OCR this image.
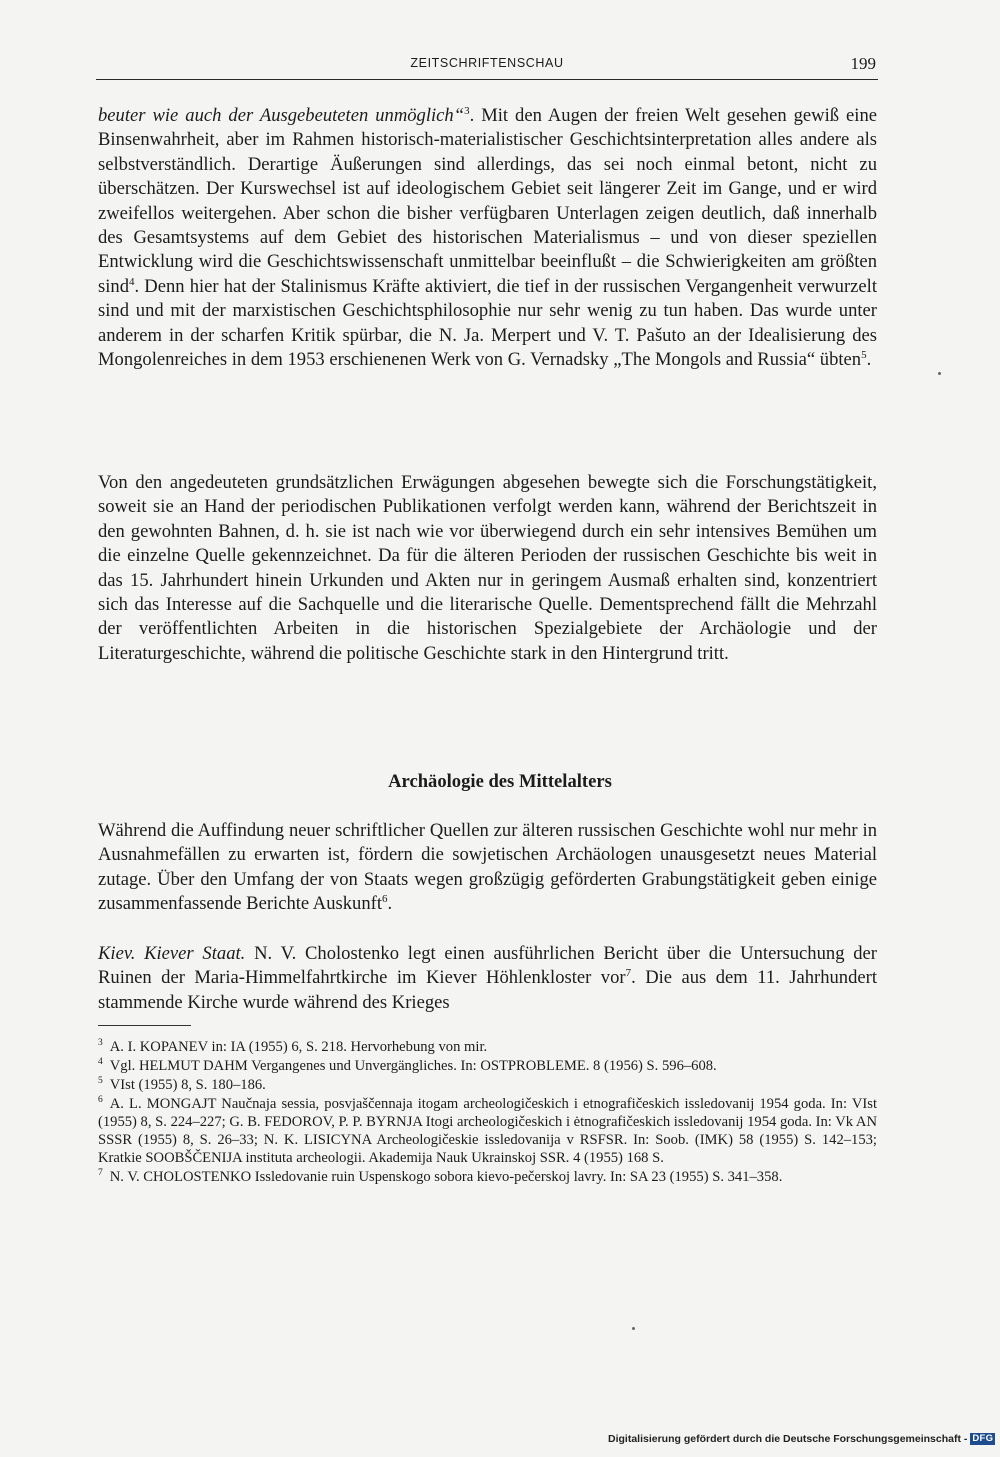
ZEITSCHRIFTENSCHAU	199

beuter wie auch der Ausgebeuteten unmöglich“$^3$. Mit den Augen der freien Welt gesehen gewiß eine Binsenwahrheit, aber im Rahmen historisch-materialistischer Geschichtsinterpretation alles andere als selbstverständlich. Derartige Äußerungen sind allerdings, das sei noch einmal betont, nicht zu überschätzen. Der Kurswechsel ist auf ideologischem Gebiet seit längerer Zeit im Gange, und er wird zweifellos weitergehen. Aber schon die bisher verfügbaren Unterlagen zeigen deutlich, daß innerhalb des Gesamtsystems auf dem Gebiet des historischen Materialismus – und von dieser speziellen Entwicklung wird die Geschichtswissenschaft unmittelbar beeinflußt – die Schwierigkeiten am größten sind$^4$. Denn hier hat der Stalinismus Kräfte aktiviert, die tief in der russischen Vergangenheit verwurzelt sind und mit der marxistischen Geschichtsphilosophie nur sehr wenig zu tun haben. Das wurde unter anderem in der scharfen Kritik spürbar, die N. Ja. Merpert und V. T. Pašuto an der Idealisierung des Mongolenreiches in dem 1953 erschienenen Werk von G. Vernadsky „The Mongols and Russia“ übten$^5$.

Von den angedeuteten grundsätzlichen Erwägungen abgesehen bewegte sich die Forschungstätigkeit, soweit sie an Hand der periodischen Publikationen verfolgt werden kann, während der Berichtszeit in den gewohnten Bahnen, d. h. sie ist nach wie vor überwiegend durch ein sehr intensives Bemühen um die einzelne Quelle gekennzeichnet. Da für die älteren Perioden der russischen Geschichte bis weit in das 15. Jahrhundert hinein Urkunden und Akten nur in geringem Ausmaß erhalten sind, konzentriert sich das Interesse auf die Sachquelle und die literarische Quelle. Dementsprechend fällt die Mehrzahl der veröffentlichten Arbeiten in die historischen Spezialgebiete der Archäologie und der Literaturgeschichte, während die politische Geschichte stark in den Hintergrund tritt.

Archäologie des Mittelalters

Während die Auffindung neuer schriftlicher Quellen zur älteren russischen Geschichte wohl nur mehr in Ausnahmefällen zu erwarten ist, fördern die sowjetischen Archäologen unausgesetzt neues Material zutage. Über den Umfang der von Staats wegen großzügig geförderten Grabungstätigkeit geben einige zusammenfassende Berichte Auskunft$^6$.

Kiev. Kiever Staat. N. V. Cholostenko legt einen ausführlichen Bericht über die Untersuchung der Ruinen der Maria-Himmelfahrtkirche im Kiever Höhlenkloster vor$^7$. Die aus dem 11. Jahrhundert stammende Kirche wurde während des Krieges

$^3$ A. I. KOPANEV in: IA (1955) 6, S. 218. Hervorhebung von mir.

$^4$ Vgl. HELMUT DAHM Vergangenes und Unvergängliches. In: OSTPROBLEME. 8 (1956) S. 596–608.

$^5$ VIst (1955) 8, S. 180–186.

$^6$ A. L. MONGAJT Naučnaja sessia, posvjaščennaja itogam archeologičeskich i etnografičeskich issledovanij 1954 goda. In: VIst (1955) 8, S. 224–227; G. B. FEDOROV, P. P. BYRNJA Itogi archeologičeskich i ėtnografičeskich issledovanij 1954 goda. In: Vk AN SSSR (1955) 8, S. 26–33; N. K. LISICYNA Archeologičeskie issledovanija v RSFSR. In: Soob. (IMK) 58 (1955) S. 142–153; Kratkie SOOBŠČENIJA instituta archeologii. Akademija Nauk Ukrainskoj SSR. 4 (1955) 168 S.

$^7$ N. V. CHOLOSTENKO Issledovanie ruin Uspenskogo sobora kievo-pečerskoj lavry. In: SA 23 (1955) S. 341–358.

Digitalisierung gefördert durch die Deutsche Forschungsgemeinschaft - DFG
